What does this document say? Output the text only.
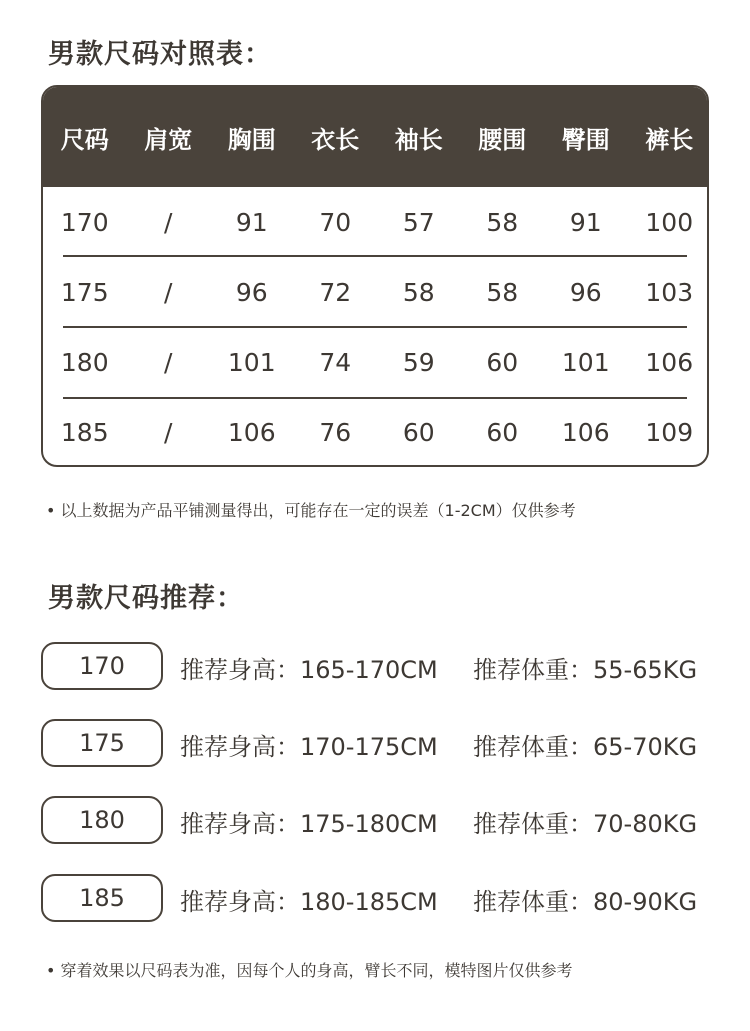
男款尺码对照表：
尺码	肩宽	胸围	衣长	袖长	腰围	臀围	裤长
170	/	91	70	57	58	91	100
175	/	96	72	58	58	96	103
180	/	101	74	59	60	101	106
185	/	106	76	60	60	106	109
• 以上数据为产品平铺测量得出，可能存在一定的误差（1-2CM）仅供参考
男款尺码推荐：
170	推荐身高：165-170CM 推荐体重：55-65KG
175	推荐身高：170-175CM 推荐体重：65-70KG
180	推荐身高：175-180CM 推荐体重：70-80KG
185	推荐身高：180-185CM 推荐体重：80-90KG
• 穿着效果以尺码表为准，因每个人的身高，臂长不同，模特图片仅供参考
